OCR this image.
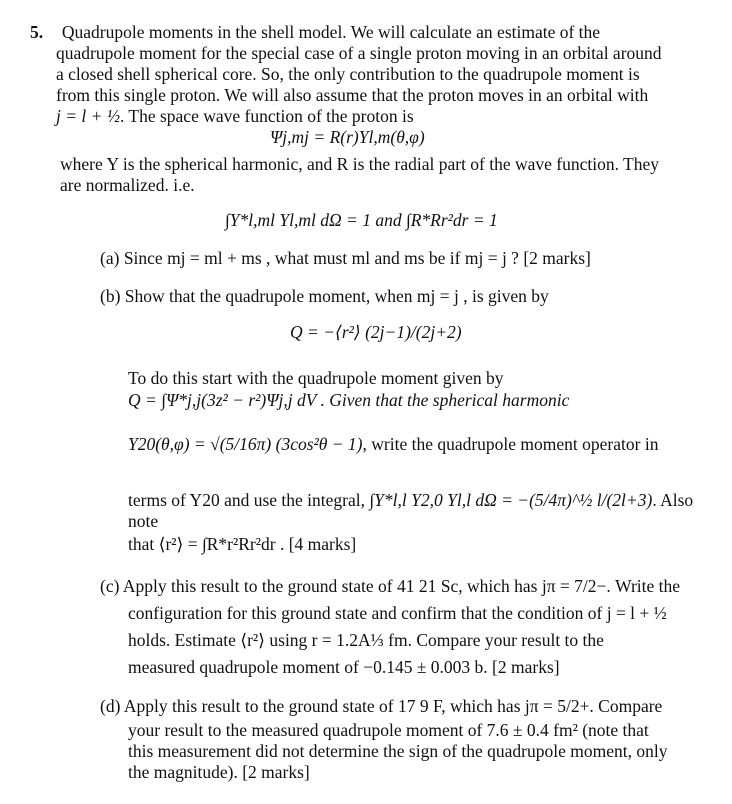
5. Quadrupole moments in the shell model. We will calculate an estimate of the
quadrupole moment for the special case of a single proton moving in an orbital around
a closed shell spherical core. So, the only contribution to the quadrupole moment is
from this single proton. We will also assume that the proton moves in an orbital with
j = l + ½. The space wave function of the proton is
Ψj,mj = R(r)Yl,m(θ,φ)
where Y is the spherical harmonic, and R is the radial part of the wave function. They
are normalized. i.e.
∫Y*l,ml Yl,ml dΩ = 1 and ∫R*Rr²dr = 1
(a) Since mj = ml + ms , what must ml and ms be if mj = j ? [2 marks]
(b) Show that the quadrupole moment, when mj = j , is given by
Q = −⟨r²⟩ (2j−1)/(2j+2)
To do this start with the quadrupole moment given by
Q = ∫Ψ*j,j(3z² − r²)Ψj,j dV . Given that the spherical harmonic
Y20(θ,φ) = √(5/16π) (3cos²θ − 1), write the quadrupole moment operator in
terms of Y20 and use the integral, ∫Y*l,l Y2,0 Yl,l dΩ = −(5/4π)^½ l/(2l+3). Also note
that ⟨r²⟩ = ∫R*r²Rr²dr . [4 marks]
(c) Apply this result to the ground state of 41 21 Sc, which has jπ = 7/2−. Write the
configuration for this ground state and confirm that the condition of j = l + ½
holds. Estimate ⟨r²⟩ using r = 1.2A⅓ fm. Compare your result to the
measured quadrupole moment of −0.145 ± 0.003 b. [2 marks]
(d) Apply this result to the ground state of 17 9 F, which has jπ = 5/2+. Compare
your result to the measured quadrupole moment of 7.6 ± 0.4 fm² (note that
this measurement did not determine the sign of the quadrupole moment, only
the magnitude). [2 marks]
